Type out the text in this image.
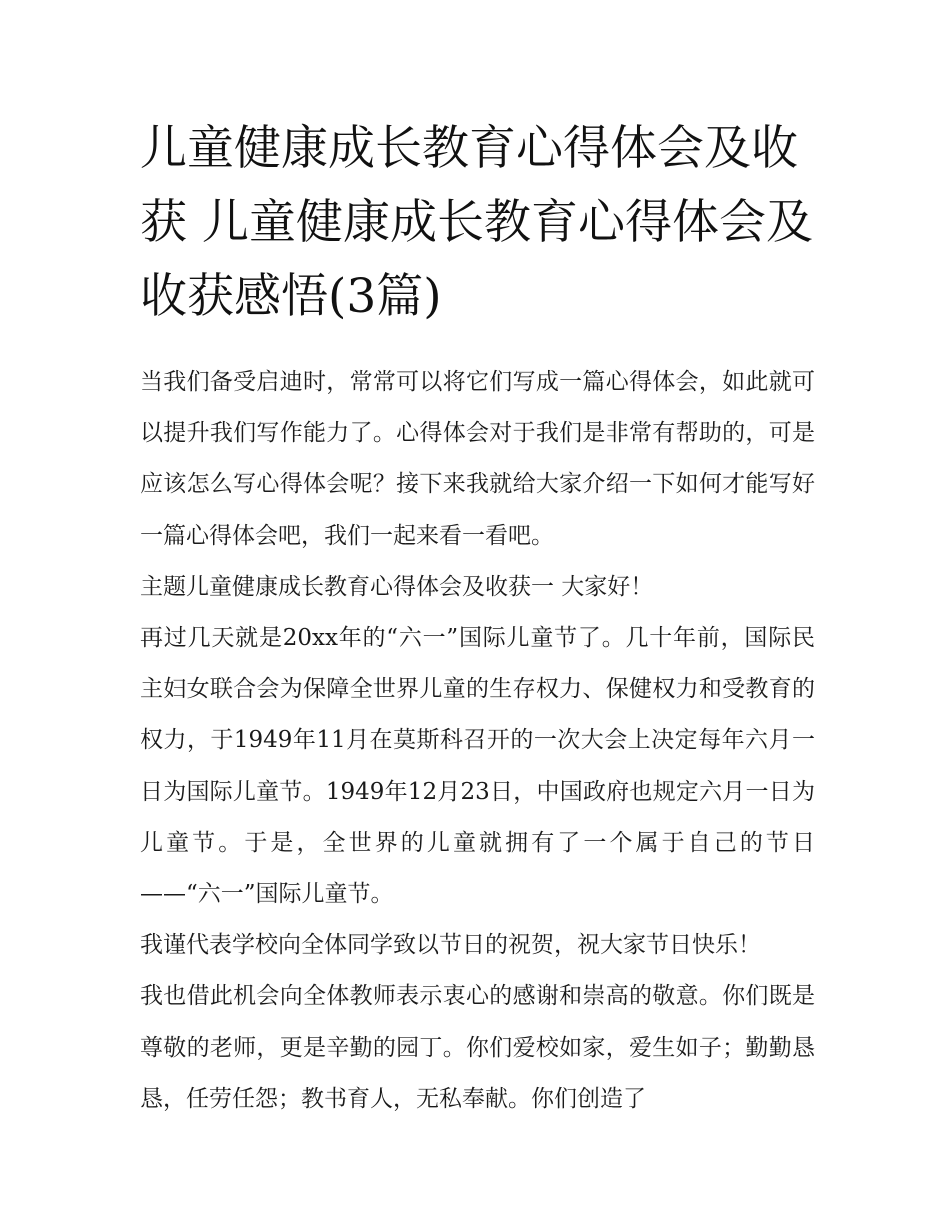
儿童健康成长教育心得体会及收获 儿童健康成长教育心得体会及收获感悟(3篇)

当我们备受启迪时，常常可以将它们写成一篇心得体会，如此就可以提升我们写作能力了。心得体会对于我们是非常有帮助的，可是应该怎么写心得体会呢？接下来我就给大家介绍一下如何才能写好一篇心得体会吧，我们一起来看一看吧。

主题儿童健康成长教育心得体会及收获一 大家好！

再过几天就是20xx年的“六一”国际儿童节了。几十年前，国际民主妇女联合会为保障全世界儿童的生存权力、保健权力和受教育的权力，于1949年11月在莫斯科召开的一次大会上决定每年六月一日为国际儿童节。1949年12月23日，中国政府也规定六月一日为儿童节。于是，全世界的儿童就拥有了一个属于自己的节日——“六一”国际儿童节。

我谨代表学校向全体同学致以节日的祝贺，祝大家节日快乐！

我也借此机会向全体教师表示衷心的感谢和崇高的敬意。你们既是尊敬的老师，更是辛勤的园丁。你们爱校如家，爱生如子；勤勤恳恳，任劳任怨；教书育人，无私奉献。你们创造了
